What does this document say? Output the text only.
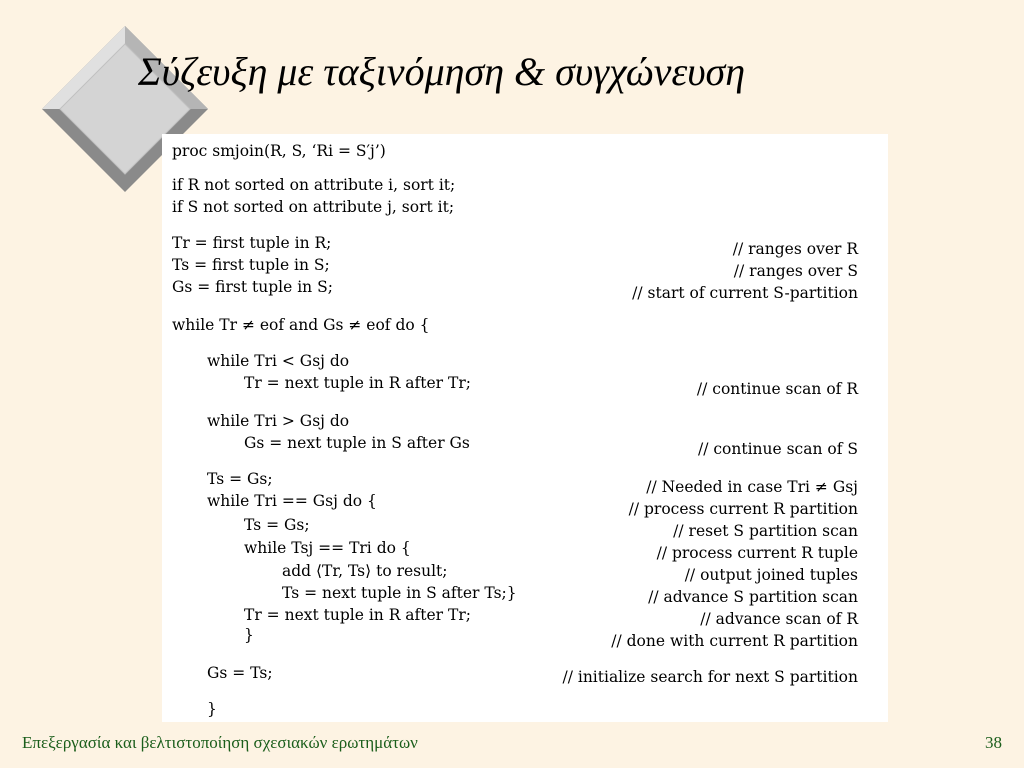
Σύζευξη με ταξινόμηση & συγχώνευση
proc smjoin(R, S, ‘Ri = S′j’)
if R not sorted on attribute i, sort it;
if S not sorted on attribute j, sort it;
Tr = first tuple in R;
Ts = first tuple in S;
Gs = first tuple in S;
while Tr ≠ eof and Gs ≠ eof do {
while Tri < Gsj do
Tr = next tuple in R after Tr;
while Tri > Gsj do
Gs = next tuple in S after Gs
Ts = Gs;
while Tri == Gsj do {
Ts = Gs;
while Tsj == Tri do {
add ⟨Tr, Ts⟩ to result;
Ts = next tuple in S after Ts;}
Tr = next tuple in R after Tr;
}
Gs = Ts;
}
// ranges over R
// ranges over S
// start of current S-partition
// continue scan of R
// continue scan of S
// Needed in case Tri ≠ Gsj
// process current R partition
// reset S partition scan
// process current R tuple
// output joined tuples
// advance S partition scan
// advance scan of R
// done with current R partition
// initialize search for next S partition
Επεξεργασία και βελτιστοποίηση σχεσιακών ερωτημάτων	38
